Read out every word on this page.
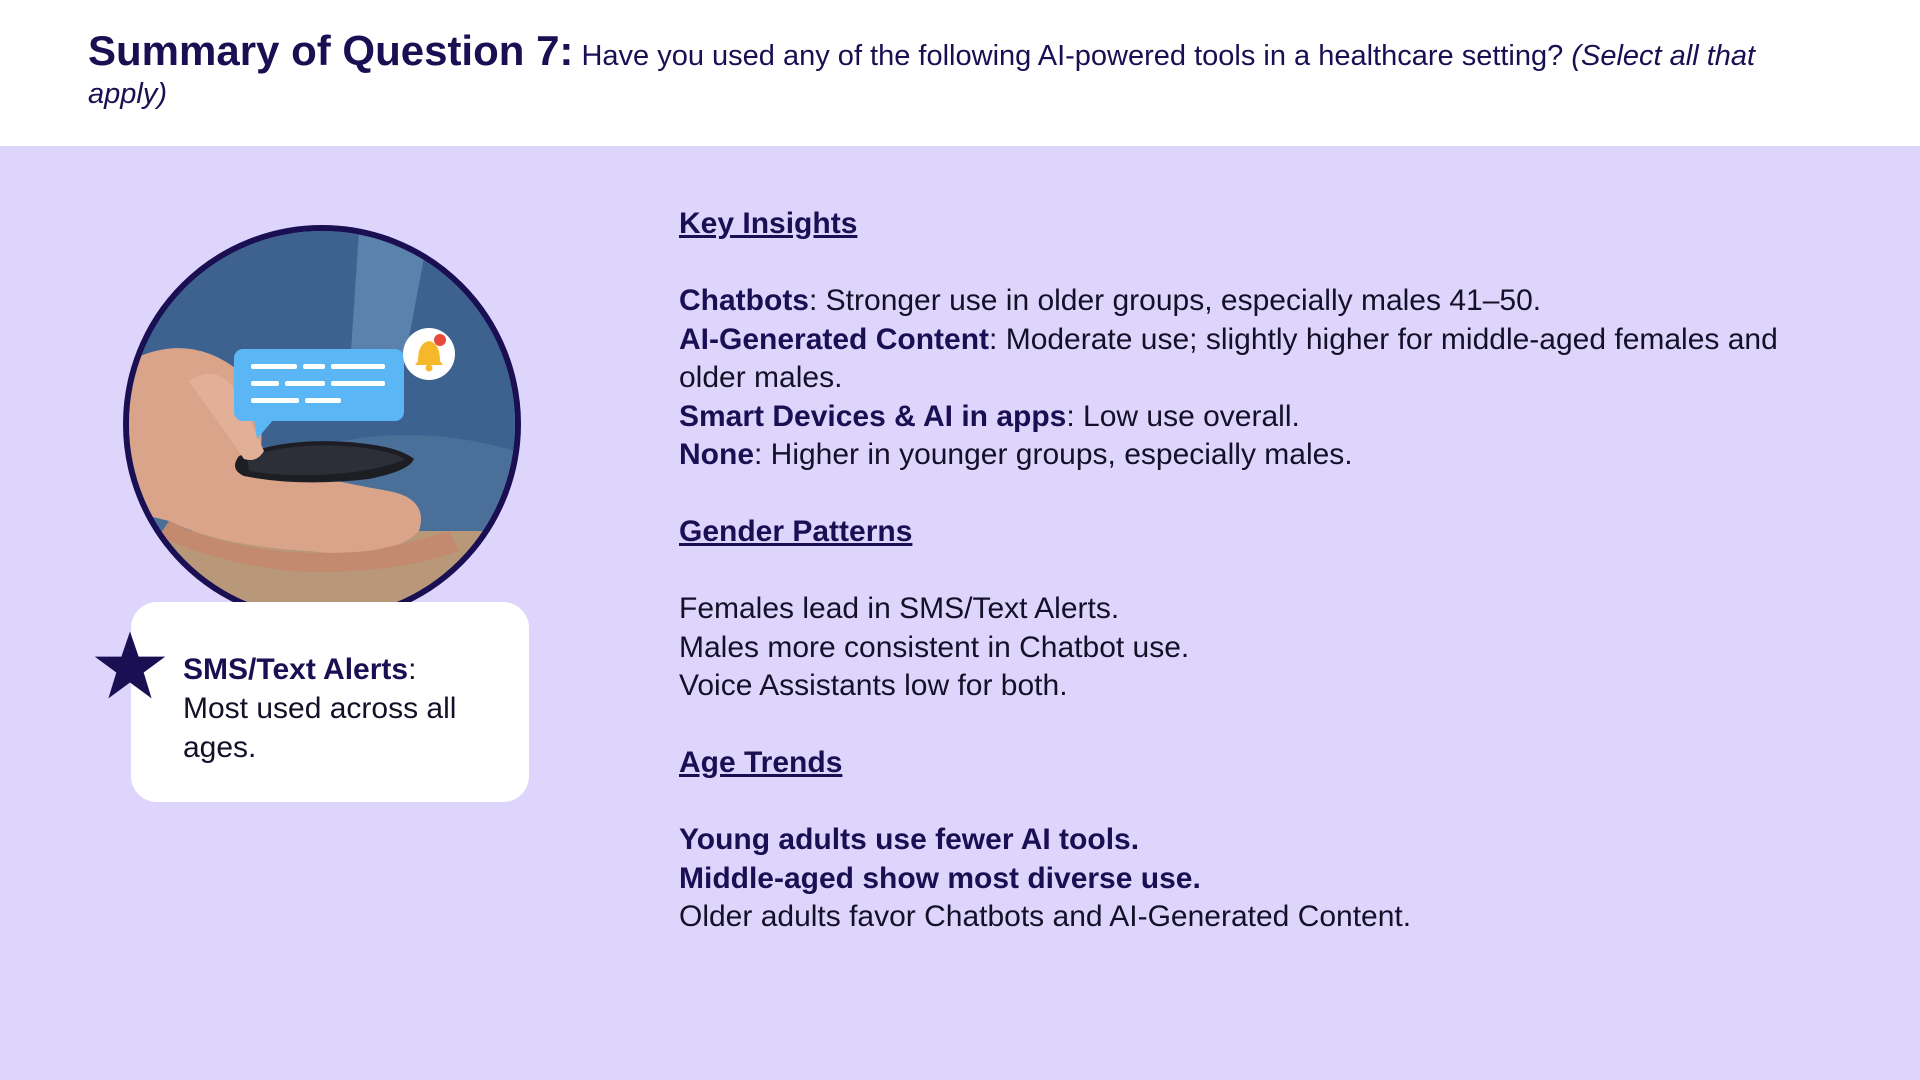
Summary of Question 7: Have you used any of the following AI-powered tools in a healthcare setting? (Select all that apply)
SMS/Text Alerts:
Most used across all ages.
Key Insights
Chatbots: Stronger use in older groups, especially males 41–50.
AI-Generated Content: Moderate use; slightly higher for middle-aged females and older males.
Smart Devices & AI in apps: Low use overall.
None: Higher in younger groups, especially males.
Gender Patterns
Females lead in SMS/Text Alerts.
Males more consistent in Chatbot use.
Voice Assistants low for both.
Age Trends
Young adults use fewer AI tools.
Middle-aged show most diverse use.
Older adults favor Chatbots and AI-Generated Content.
